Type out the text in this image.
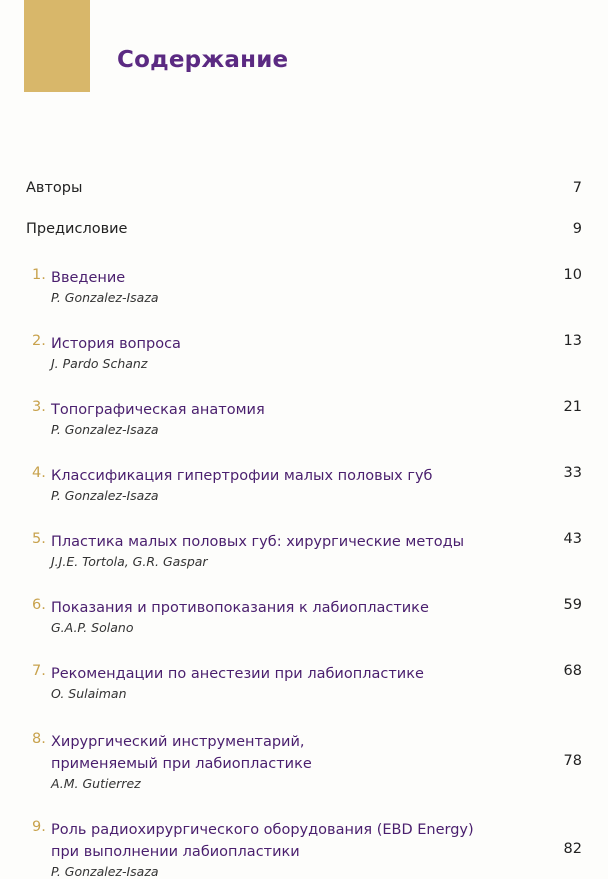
Содержание
Авторы	7
Предисловие	9
1. Введение	10
P. Gonzalez-Isaza
2. История вопроса	13
J. Pardo Schanz
3. Топографическая анатомия	21
P. Gonzalez-Isaza
4. Классификация гипертрофии малых половых губ	33
P. Gonzalez-Isaza
5. Пластика малых половых губ: хирургические методы	43
J.J.E. Tortola, G.R. Gaspar
6. Показания и противопоказания к лабиопластике	59
G.A.P. Solano
7. Рекомендации по анестезии при лабиопластике	68
O. Sulaiman
8. Хирургический инструментарий,
применяемый при лабиопластике	78
A.M. Gutierrez
9. Роль радиохирургического оборудования (EBD Energy)
при выполнении лабиопластики	82
P. Gonzalez-Isaza
